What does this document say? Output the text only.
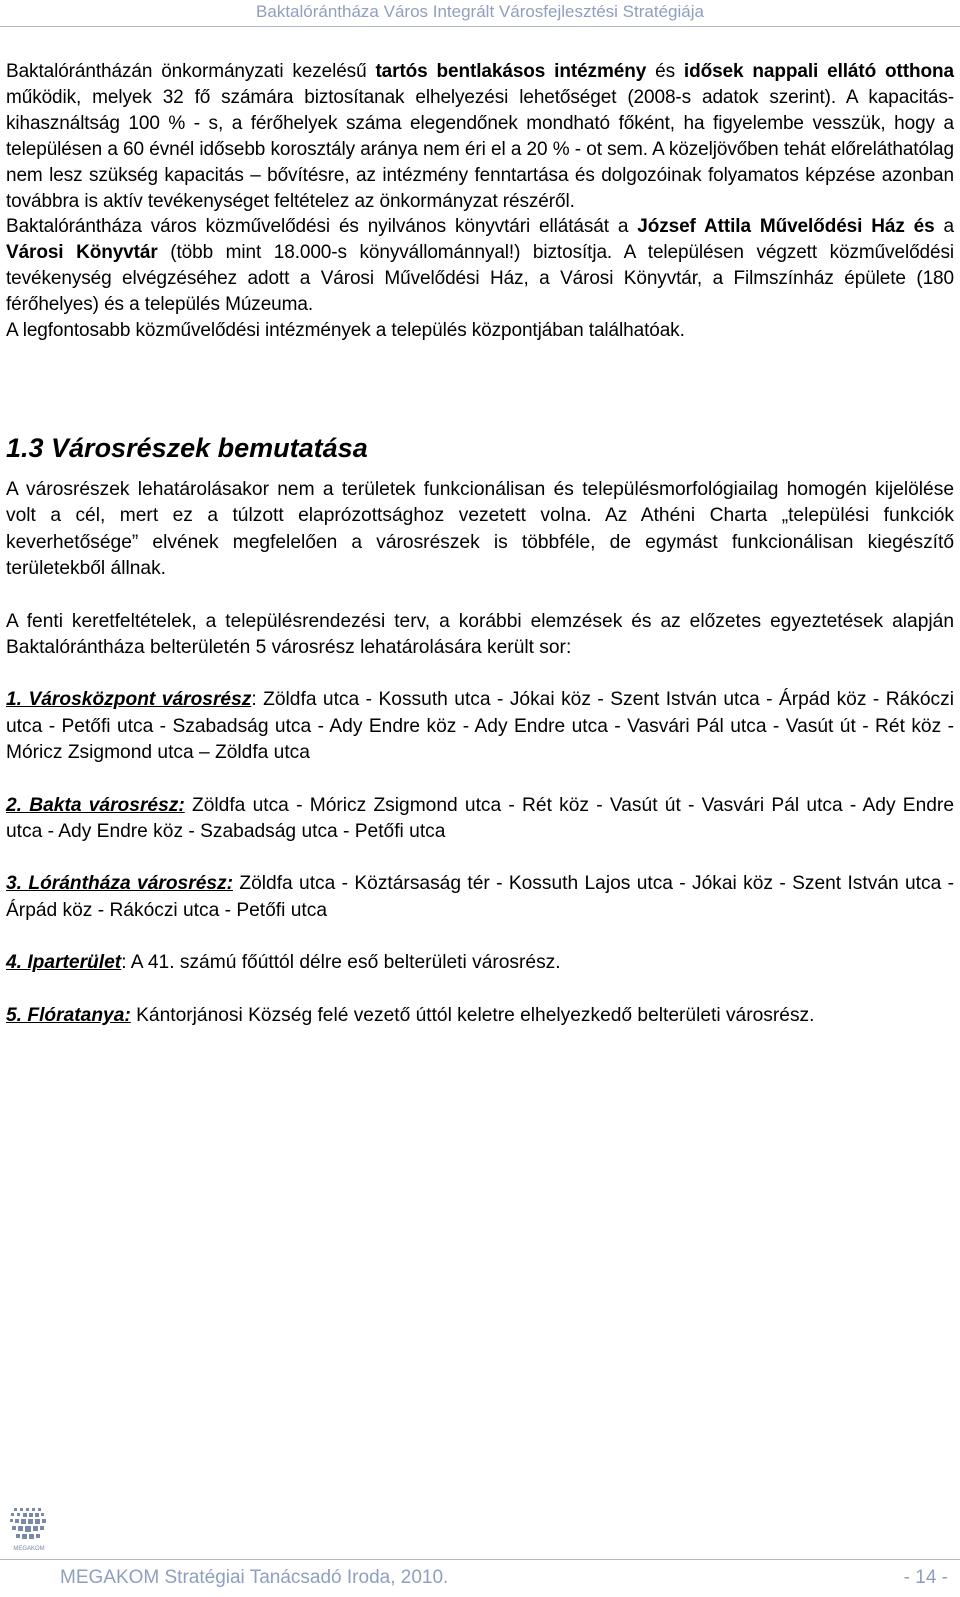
Baktalórántháza Város Integrált Városfejlesztési Stratégiája

Baktalórántházán önkormányzati kezelésű tartós bentlakásos intézmény és idősek nappali ellátó otthona működik, melyek 32 fő számára biztosítanak elhelyezési lehetőséget (2008-s adatok szerint). A kapacitás-kihasználtság 100 % - s, a férőhelyek száma elegendőnek mondható főként, ha figyelembe vesszük, hogy a településen a 60 évnél idősebb korosztály aránya nem éri el a 20 % - ot sem. A közeljövőben tehát előreláthatólag nem lesz szükség kapacitás – bővítésre, az intézmény fenntartása és dolgozóinak folyamatos képzése azonban továbbra is aktív tevékenységet feltételez az önkormányzat részéről.

Baktalórántháza város közművelődési és nyilvános könyvtári ellátását a József Attila Művelődési Ház és a Városi Könyvtár (több mint 18.000-s könyvállománnyal!) biztosítja. A településen végzett közművelődési tevékenység elvégzéséhez adott a Városi Művelődési Ház, a Városi Könyvtár, a Filmszínház épülete (180 férőhelyes) és a település Múzeuma.

A legfontosabb közművelődési intézmények a település központjában találhatóak.

1.3 Városrészek bemutatása

A városrészek lehatárolásakor nem a területek funkcionálisan és településmorfológiailag homogén kijelölése volt a cél, mert ez a túlzott elaprózottsághoz vezetett volna. Az Athéni Charta „települési funkciók keverhetősége” elvének megfelelően a városrészek is többféle, de egymást funkcionálisan kiegészítő területekből állnak.

A fenti keretfeltételek, a településrendezési terv, a korábbi elemzések és az előzetes egyeztetések alapján Baktalórántháza belterületén 5 városrész lehatárolására került sor:

1. Városközpont városrész: Zöldfa utca - Kossuth utca - Jókai köz - Szent István utca - Árpád köz - Rákóczi utca - Petőfi utca - Szabadság utca - Ady Endre köz - Ady Endre utca - Vasvári Pál utca - Vasút út - Rét köz - Móricz Zsigmond utca – Zöldfa utca

2. Bakta városrész: Zöldfa utca - Móricz Zsigmond utca - Rét köz - Vasút út - Vasvári Pál utca - Ady Endre utca - Ady Endre köz - Szabadság utca - Petőfi utca

3. Lórántháza városrész: Zöldfa utca - Köztársaság tér - Kossuth Lajos utca - Jókai köz - Szent István utca - Árpád köz - Rákóczi utca - Petőfi utca

4. Iparterület: A 41. számú főúttól délre eső belterületi városrész.

5. Flóratanya: Kántorjánosi Község felé vezető úttól keletre elhelyezkedő belterületi városrész.

MEGAKOM
MEGAKOM Stratégiai Tanácsadó Iroda, 2010.	- 14 -
